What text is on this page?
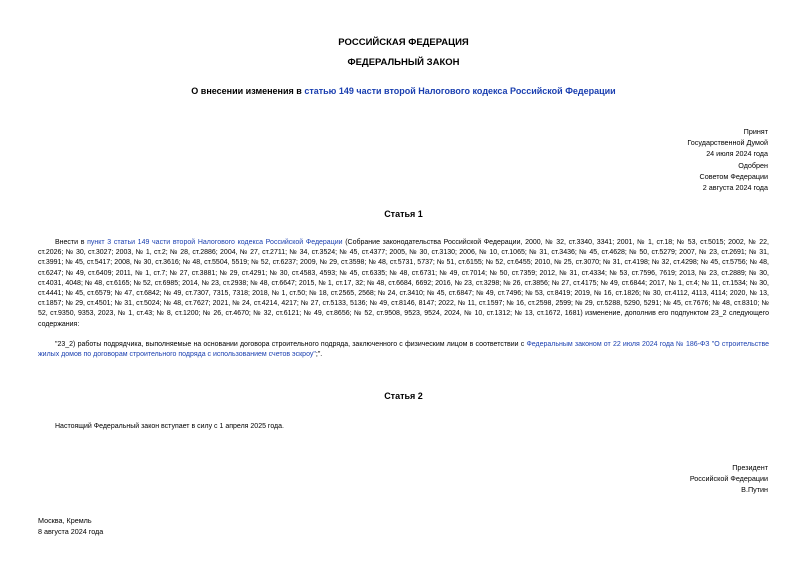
РОССИЙСКАЯ ФЕДЕРАЦИЯ
ФЕДЕРАЛЬНЫЙ ЗАКОН
О внесении изменения в статью 149 части второй Налогового кодекса Российской Федерации
Принят
Государственной Думой
24 июля 2024 года
Одобрен
Советом Федерации
2 августа 2024 года
Статья 1
Внести в пункт 3 статьи 149 части второй Налогового кодекса Российской Федерации (Собрание законодательства Российской Федерации, 2000, № 32, ст.3340, 3341; 2001, № 1, ст.18; № 53, ст.5015; 2002, № 22, ст.2026; № 30, ст.3027; 2003, № 1, ст.2; № 28, ст.2886; 2004, № 27, ст.2711; № 34, ст.3524; № 45, ст.4377; 2005, № 30, ст.3130; 2006, № 10, ст.1065; № 31, ст.3436; № 45, ст.4628; № 50, ст.5279; 2007, № 23, ст.2691; № 31, ст.3991; № 45, ст.5417; 2008, № 30, ст.3616; № 48, ст.5504, 5519; № 52, ст.6237; 2009, № 29, ст.3598; № 48, ст.5731, 5737; № 51, ст.6155; № 52, ст.6455; 2010, № 25, ст.3070; № 31, ст.4198; № 32, ст.4298; № 45, ст.5756; № 48, ст.6247; № 49, ст.6409; 2011, № 1, ст.7; № 27, ст.3881; № 29, ст.4291; № 30, ст.4583, 4593; № 45, ст.6335; № 48, ст.6731; № 49, ст.7014; № 50, ст.7359; 2012, № 31, ст.4334; № 53, ст.7596, 7619; 2013, № 23, ст.2889; № 30, ст.4031, 4048; № 48, ст.6165; № 52, ст.6985; 2014, № 23, ст.2938; № 48, ст.6647; 2015, № 1, ст.17, 32; № 48, ст.6684, 6692; 2016, № 23, ст.3298; № 26, ст.3856; № 27, ст.4175; № 49, ст.6844; 2017, № 1, ст.4; № 11, ст.1534; № 30, ст.4441; № 45, ст.6579; № 47, ст.6842; № 49, ст.7307, 7315, 7318; 2018, № 1, ст.50; № 18, ст.2565, 2568; № 24, ст.3410; № 45, ст.6847; № 49, ст.7496; № 53, ст.8419; 2019, № 16, ст.1826; № 30, ст.4112, 4113, 4114; 2020, № 13, ст.1857; № 29, ст.4501; № 31, ст.5024; № 48, ст.7627; 2021, № 24, ст.4214, 4217; № 27, ст.5133, 5136; № 49, ст.8146, 8147; 2022, № 11, ст.1597; № 16, ст.2598, 2599; № 29, ст.5288, 5290, 5291; № 45, ст.7676; № 48, ст.8310; № 52, ст.9350, 9353, 2023, № 1, ст.43; № 8, ст.1200; № 26, ст.4670; № 32, ст.6121; № 49, ст.8656; № 52, ст.9508, 9523, 9524, 2024, № 10, ст.1312; № 13, ст.1672, 1681) изменение, дополнив его подпунктом 23_2 следующего содержания:
"23_2) работы подрядчика, выполняемые на основании договора строительного подряда, заключенного с физическим лицом в соответствии с Федеральным законом от 22 июля 2024 года № 186-ФЗ "О строительстве жилых домов по договорам строительного подряда с использованием счетов эскроу";".
Статья 2
Настоящий Федеральный закон вступает в силу с 1 апреля 2025 года.
Президент
Российской Федерации
В.Путин
Москва, Кремль
8 августа 2024 года
